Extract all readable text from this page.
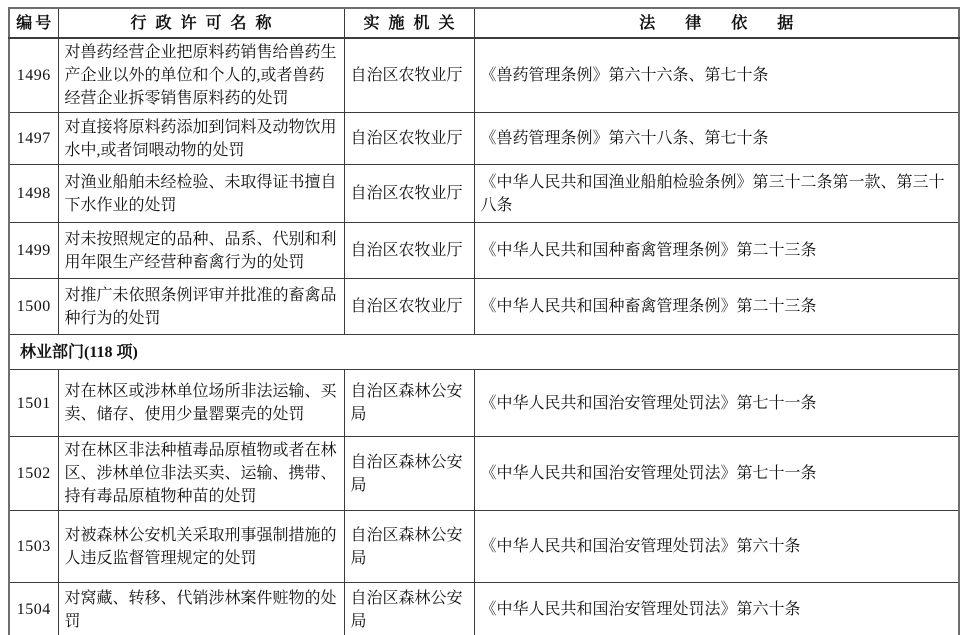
编号	行政许可名称	实施机关	法律依据
1496	对兽药经营企业把原料药销售给兽药生产企业以外的单位和个人的,或者兽药经营企业拆零销售原料药的处罚	自治区农牧业厅	《兽药管理条例》第六十六条、第七十条
1497	对直接将原料药添加到饲料及动物饮用水中,或者饲喂动物的处罚	自治区农牧业厅	《兽药管理条例》第六十八条、第七十条
1498	对渔业船舶未经检验、未取得证书擅自下水作业的处罚	自治区农牧业厅	《中华人民共和国渔业船舶检验条例》第三十二条第一款、第三十八条
1499	对未按照规定的品种、品系、代别和利用年限生产经营种畜禽行为的处罚	自治区农牧业厅	《中华人民共和国种畜禽管理条例》第二十三条
1500	对推广未依照条例评审并批准的畜禽品种行为的处罚	自治区农牧业厅	《中华人民共和国种畜禽管理条例》第二十三条
林业部门(118 项)			
1501	对在林区或涉林单位场所非法运输、买卖、储存、使用少量罂粟壳的处罚	自治区森林公安局	《中华人民共和国治安管理处罚法》第七十一条
1502	对在林区非法种植毒品原植物或者在林区、涉林单位非法买卖、运输、携带、持有毒品原植物种苗的处罚	自治区森林公安局	《中华人民共和国治安管理处罚法》第七十一条
1503	对被森林公安机关采取刑事强制措施的人违反监督管理规定的处罚	自治区森林公安局	《中华人民共和国治安管理处罚法》第六十条
1504	对窝藏、转移、代销涉林案件赃物的处罚	自治区森林公安局	《中华人民共和国治安管理处罚法》第六十条
